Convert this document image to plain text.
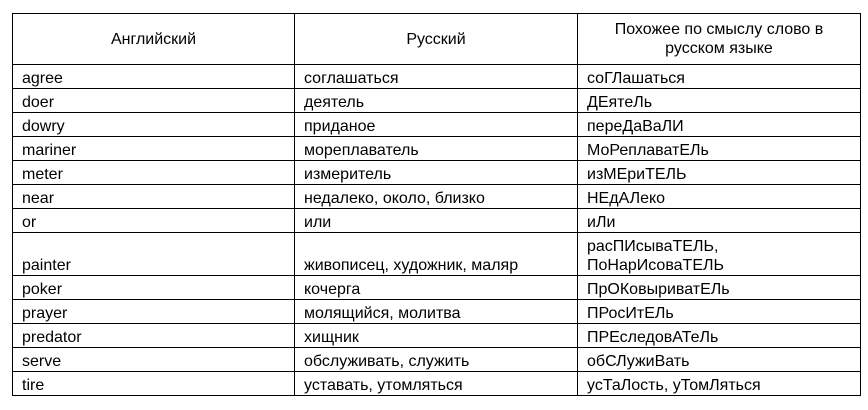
Английский	Русский	Похожее по смыслу слово в русском языке
agree	соглашаться	соГЛашаться
doer	деятель	ДЕятеЛь
dowry	приданое	переДаВаЛИ
mariner	мореплаватель	МоРеплаватЕЛь
meter	измеритель	изМЕриТЕЛЬ
near	недалеко, около, близко	НЕдАЛеко
or	или	иЛи
painter	живописец, художник, маляр	расПИсываТЕЛЬ, ПоНарИсоваТЕЛЬ

poker	кочерга	ПрОКовыриватЕЛь
prayer	молящийся, молитва	ПРосИтЕЛь
predator	хищник	ПРЕследовАТеЛь
serve	обслуживать, служить	обСЛужиВать
tire	уставать, утомляться	усТаЛость, уТомЛяться
